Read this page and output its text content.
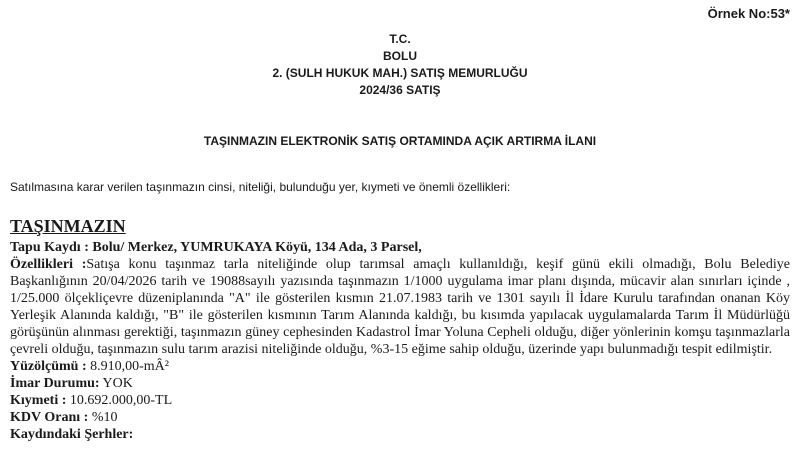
Örnek No:53*
T.C.
BOLU
2. (SULH HUKUK MAH.) SATIŞ MEMURLUĞU
2024/36 SATIŞ
TAŞINMAZIN ELEKTRONİK SATIŞ ORTAMINDA AÇIK ARTIRMA İLANI
Satılmasına karar verilen taşınmazın cinsi, niteliği, bulunduğu yer, kıymeti ve önemli özellikleri:
TAŞINMAZIN

Tapu Kaydı : Bolu/ Merkez, YUMRUKAYA Köyü, 134 Ada, 3 Parsel,

Özellikleri :Satışa konu taşınmaz tarla niteliğinde olup tarımsal amaçlı kullanıldığı, keşif günü ekili olmadığı, Bolu Belediye Başkanlığının 20/04/2026 tarih ve 19088sayılı yazısında taşınmazın 1/1000 uygulama imar planı dışında, mücavir alan sınırları içinde , 1/25.000 ölçekliçevre düzeniplanında "A" ile gösterilen kısmın 21.07.1983 tarih ve 1301 sayılı İl İdare Kurulu tarafından onanan Köy Yerleşik Alanında kaldığı, "B" ile gösterilen kısmının Tarım Alanında kaldığı, bu kısımda yapılacak uygulamalarda Tarım İl Müdürlüğü görüşünün alınması gerektiği, taşınmazın güney cephesinden Kadastrol İmar Yoluna Cepheli olduğu, diğer yönlerinin komşu taşınmazlarla çevreli olduğu, taşınmazın sulu tarım arazisi niteliğinde olduğu, %3-15 eğime sahip olduğu, üzerinde yapı bulunmadığı tespit edilmiştir.

Yüzölçümü : 8.910,00-mÂ²

İmar Durumu: YOK

Kıymeti : 10.692.000,00-TL

KDV Oranı : %10

Kaydındaki Şerhler:
